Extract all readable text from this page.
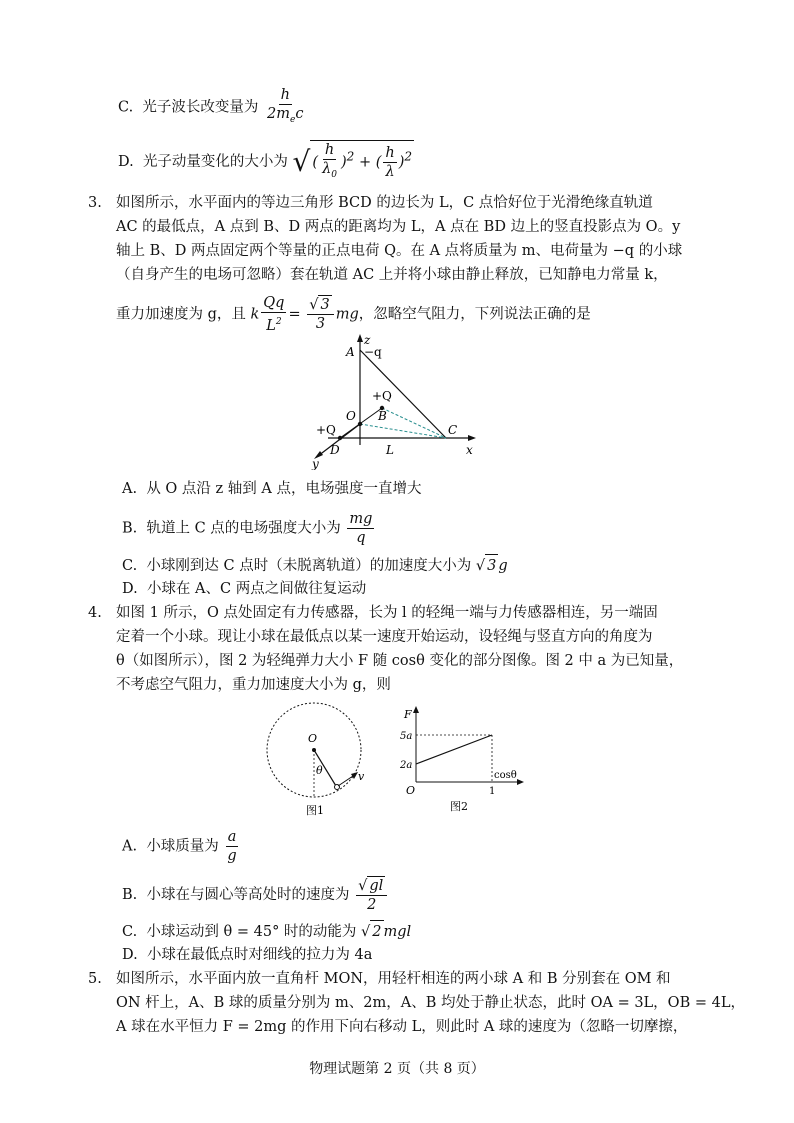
C. 光子波长改变量为 $\frac{h}{2m_ec}$
D. 光子动量变化的大小为 √ ( $\frac{h}{\lambda_0} )^2$ + ( $\frac{h}{\lambda} )^2$
3. 如图所示，水平面内的等边三角形 BCD 的边长为 L，C 点恰好位于光滑绝缘直轨道
AC 的最低点，A 点到 B、D 两点的距离均为 L，A 点在 BD 边上的竖直投影点为 O。y
轴上 B、D 两点固定两个等量的正点电荷 Q。在 A 点将质量为 m、电荷量为 −q 的小球
（自身产生的电场可忽略）套在轨道 AC 上并将小球由静止释放，已知静电力常量 k，
重力加速度为 g，且 k $\frac{Qq}{L^2} = \frac{√ 3}{3}$ mg，忽略空气阻力，下列说法正确的是
z
A −q
+Q
B
O
+Q	C
D	L	x
y
A. 从 O 点沿 z 轴到 A 点，电场强度一直增大
B. 轨道上 C 点的电场强度大小为 $\frac{mg}{q}$
C. 小球刚到达 C 点时（未脱离轨道）的加速度大小为 √ 3 g
D. 小球在 A、C 两点之间做往复运动
4. 如图 1 所示，O 点处固定有力传感器，长为 l 的轻绳一端与力传感器相连，另一端固
定着一个小球。现让小球在最低点以某一速度开始运动，设轻绳与竖直方向的角度为
θ（如图所示），图 2 为轻绳弹力大小 F 随 cosθ 变化的部分图像。图 2 中 a 为已知量，
不考虑空气阻力，重力加速度大小为 g，则
O
θ	v
图1
F
5a
2a
O	1
cosθ
图2
A. 小球质量为 $\frac{a}{g}$
B. 小球在与圆心等高处时的速度为 $\frac{√ gl}{2}$
C. 小球运动到 θ = 45° 时的动能为 √ 2 mgl
D. 小球在最低点时对细线的拉力为 4a
5. 如图所示，水平面内放一直角杆 MON，用轻杆相连的两小球 A 和 B 分别套在 OM 和
ON 杆上，A、B 球的质量分别为 m、2m，A、B 均处于静止状态，此时 OA = 3L，OB = 4L，
A 球在水平恒力 F = 2mg 的作用下向右移动 L，则此时 A 球的速度为（忽略一切摩擦，
物理试题第 2 页（共 8 页）
